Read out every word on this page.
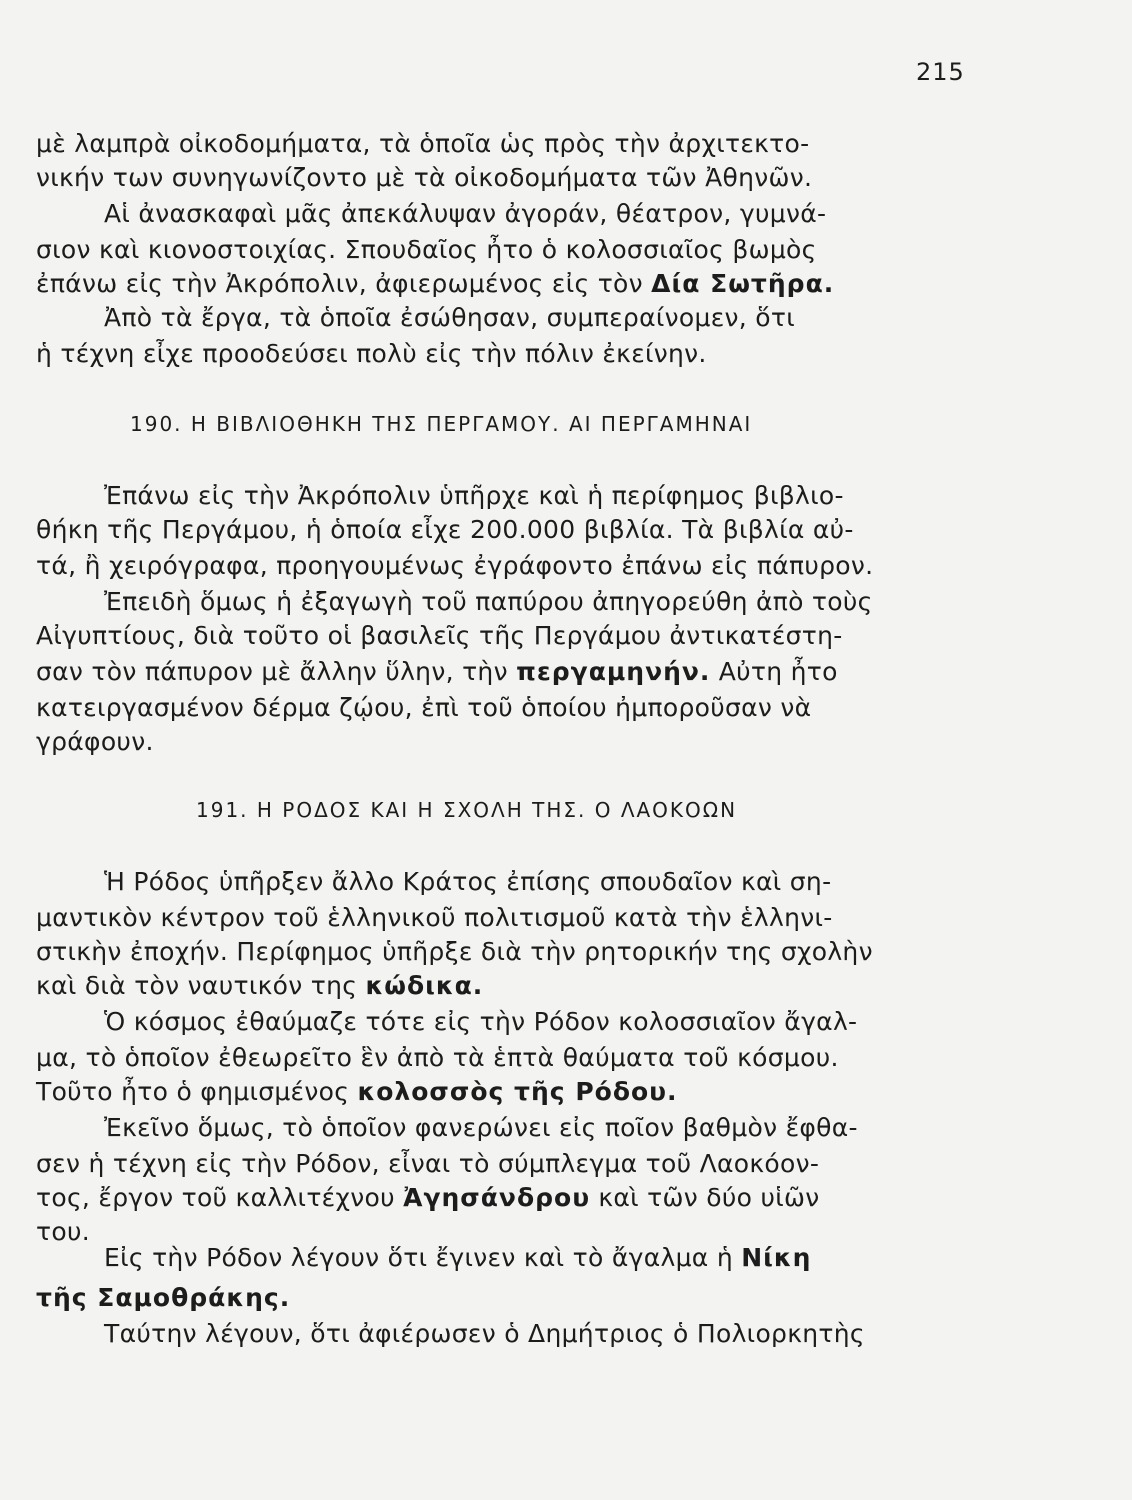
215
μὲ λαμπρὰ οἰκοδομήματα, τὰ ὁποῖα ὡς πρὸς τὴν ἀρχιτεκτο-
νικήν των συνηγωνίζοντο μὲ τὰ οἰκοδομήματα τῶν Ἀθηνῶν.
Αἱ ἀνασκαφαὶ μᾶς ἀπεκάλυψαν ἀγοράν, θέατρον, γυμνά-
σιον καὶ κιονοστοιχίας. Σπουδαῖος ἦτο ὁ κολοσσιαῖος βωμὸς
ἐπάνω εἰς τὴν Ἀκρόπολιν, ἀφιερωμένος εἰς τὸν Δία Σωτῆρα.
Ἀπὸ τὰ ἔργα, τὰ ὁποῖα ἐσώθησαν, συμπεραίνομεν, ὅτι
ἡ τέχνη εἶχε προοδεύσει πολὺ εἰς τὴν πόλιν ἐκείνην.
190. Η ΒΙΒΛΙΟΘΗΚΗ ΤΗΣ ΠΕΡΓΑΜΟΥ. ΑΙ ΠΕΡΓΑΜΗΝΑΙ
Ἐπάνω εἰς τὴν Ἀκρόπολιν ὑπῆρχε καὶ ἡ περίφημος βιβλιο-
θήκη τῆς Περγάμου, ἡ ὁποία εἶχε 200.000 βιβλία. Τὰ βιβλία αὐ-
τά, ἢ χειρόγραφα, προηγουμένως ἐγράφοντο ἐπάνω εἰς πάπυρον.
Ἐπειδὴ ὅμως ἡ ἐξαγωγὴ τοῦ παπύρου ἀπηγορεύθη ἀπὸ τοὺς
Αἰγυπτίους, διὰ τοῦτο οἱ βασιλεῖς τῆς Περγάμου ἀντικατέστη-
σαν τὸν πάπυρον μὲ ἄλλην ὕλην, τὴν περγαμηνήν. Αὐτη ἦτο
κατειργασμένον δέρμα ζῴου, ἐπὶ τοῦ ὁποίου ἠμποροῦσαν νὰ
γράφουν.
191. Η ΡΟΔΟΣ ΚΑΙ Η ΣΧΟΛΗ ΤΗΣ. Ο ΛΑΟΚΟΩΝ
Ἡ Ρόδος ὑπῆρξεν ἄλλο Κράτος ἐπίσης σπουδαῖον καὶ ση-
μαντικὸν κέντρον τοῦ ἑλληνικοῦ πολιτισμοῦ κατὰ τὴν ἑλληνι-
στικὴν ἐποχήν. Περίφημος ὑπῆρξε διὰ τὴν ρητορικήν της σχολὴν
καὶ διὰ τὸν ναυτικόν της κώδικα.
Ὁ κόσμος ἐθαύμαζε τότε εἰς τὴν Ρόδον κολοσσιαῖον ἄγαλ-
μα, τὸ ὁποῖον ἐθεωρεῖτο ἓν ἀπὸ τὰ ἑπτὰ θαύματα τοῦ κόσμου.
Τοῦτο ἦτο ὁ φημισμένος κολοσσὸς τῆς Ρόδου.
Ἐκεῖνο ὅμως, τὸ ὁποῖον φανερώνει εἰς ποῖον βαθμὸν ἔφθα-
σεν ἡ τέχνη εἰς τὴν Ρόδον, εἶναι τὸ σύμπλεγμα τοῦ Λαοκόον-
τος, ἔργον τοῦ καλλιτέχνου Ἀγησάνδρου καὶ τῶν δύο υἱῶν
του.
Εἰς τὴν Ρόδον λέγουν ὅτι ἔγινεν καὶ τὸ ἄγαλμα ἡ Νίκη
τῆς Σαμοθράκης.
Ταύτην λέγουν, ὅτι ἀφιέρωσεν ὁ Δημήτριος ὁ Πολιορκητὴς
